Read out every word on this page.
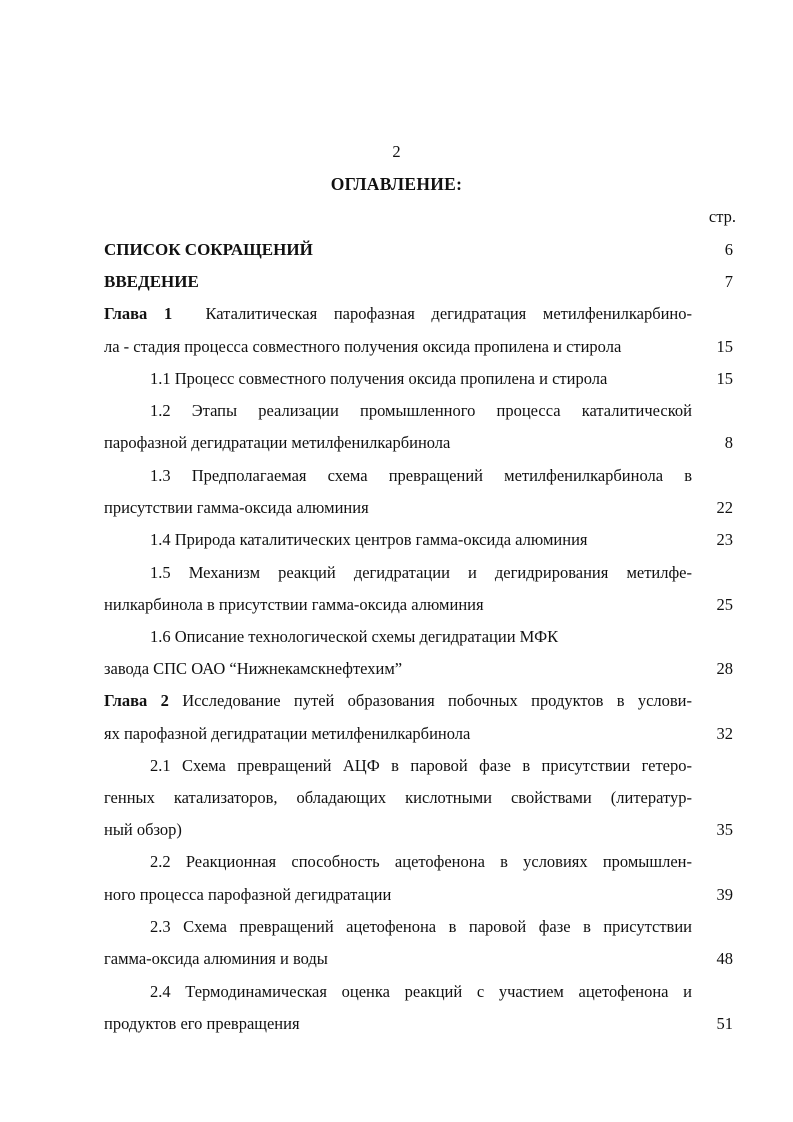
2
ОГЛАВЛЕНИЕ:
стр.
СПИСОК СОКРАЩЕНИЙ	6
ВВЕДЕНИЕ	7
Глава 1 Каталитическая парофазная дегидратация метилфенилкарбино-
ла - стадия процесса совместного получения оксида пропилена и стирола	15
1.1 Процесс совместного получения оксида пропилена и стирола	15
1.2 Этапы реализации промышленного процесса каталитической
парофазной дегидратации метилфенилкарбинола	8
1.3 Предполагаемая схема превращений метилфенилкарбинола в
присутствии гамма-оксида алюминия	22
1.4 Природа каталитических центров гамма-оксида алюминия	23
1.5 Механизм реакций дегидратации и дегидрирования метилфе-
нилкарбинола в присутствии гамма-оксида алюминия	25
1.6 Описание технологической схемы дегидратации МФК
завода СПС ОАО “Нижнекамскнефтехим”	28
Глава 2 Исследование путей образования побочных продуктов в услови-
ях парофазной дегидратации метилфенилкарбинола	32
2.1 Схема превращений АЦФ в паровой фазе в присутствии гетеро-
генных катализаторов, обладающих кислотными свойствами (литератур-
ный обзор)	35
2.2 Реакционная способность ацетофенона в условиях промышлен-
ного процесса парофазной дегидратации	39
2.3 Схема превращений ацетофенона в паровой фазе в присутствии
гамма-оксида алюминия и воды	48
2.4 Термодинамическая оценка реакций с участием ацетофенона и
продуктов его превращения	51
